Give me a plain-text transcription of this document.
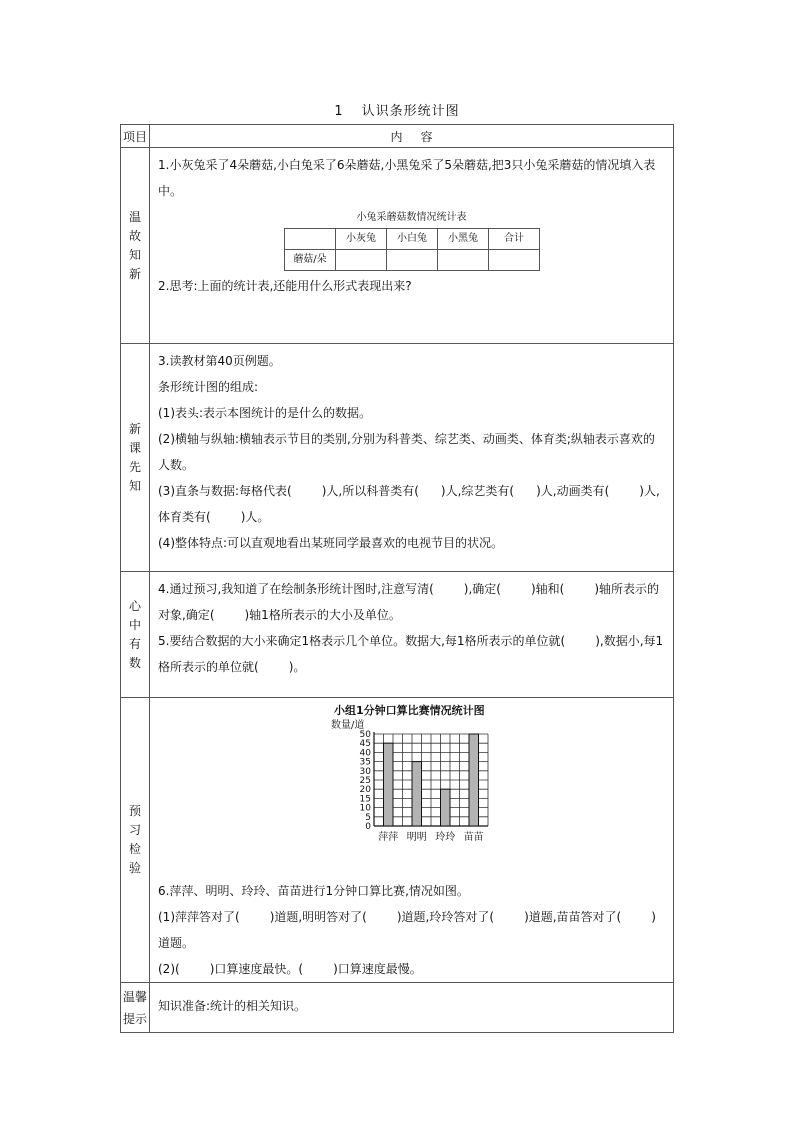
1 认识条形统计图
项目	内容

温故知新

1.小灰兔采了4朵蘑菇,小白兔采了6朵蘑菇,小黑兔采了5朵蘑菇,把3只小兔采蘑菇的情况填入表中。

小兔采蘑菇数情况统计表
	小灰兔	小白兔	小黑兔	合计
蘑菇/朵				

2.思考:上面的统计表,还能用什么形式表现出来?

新课先知

3.读教材第40页例题。

条形统计图的组成:

(1)表头:表示本图统计的是什么的数据。

(2)横轴与纵轴:横轴表示节目的类别,分别为科普类、综艺类、动画类、体育类;纵轴表示喜欢的人数。

(3)直条与数据:每格代表(	)人,所以科普类有( )人,综艺类有( )人,动画类有(	)人,体育类有(	)人。

(4)整体特点:可以直观地看出某班同学最喜欢的电视节目的状况。

心中有数

4.通过预习,我知道了在绘制条形统计图时,注意写清(	),确定(	)轴和(	)轴所表示的对象,确定(	)轴1格所表示的大小及单位。

5.要结合数据的大小来确定1格表示几个单位。数据大,每1格所表示的单位就(	),数据小,每1格所表示的单位就(	)。

预习检验

小组1分钟口算比赛情况统计图
数量/道
0
5
10
15
20
25
30
35
40
45
50
萍萍 明明 玲玲 苗苗

6.萍萍、明明、玲玲、苗苗进行1分钟口算比赛,情况如图。

(1)萍萍答对了(	)道题,明明答对了(	)道题,玲玲答对了(	)道题,苗苗答对了(	)道题。

(2)(	)口算速度最快。(	)口算速度最慢。

温馨提示

知识准备:统计的相关知识。
